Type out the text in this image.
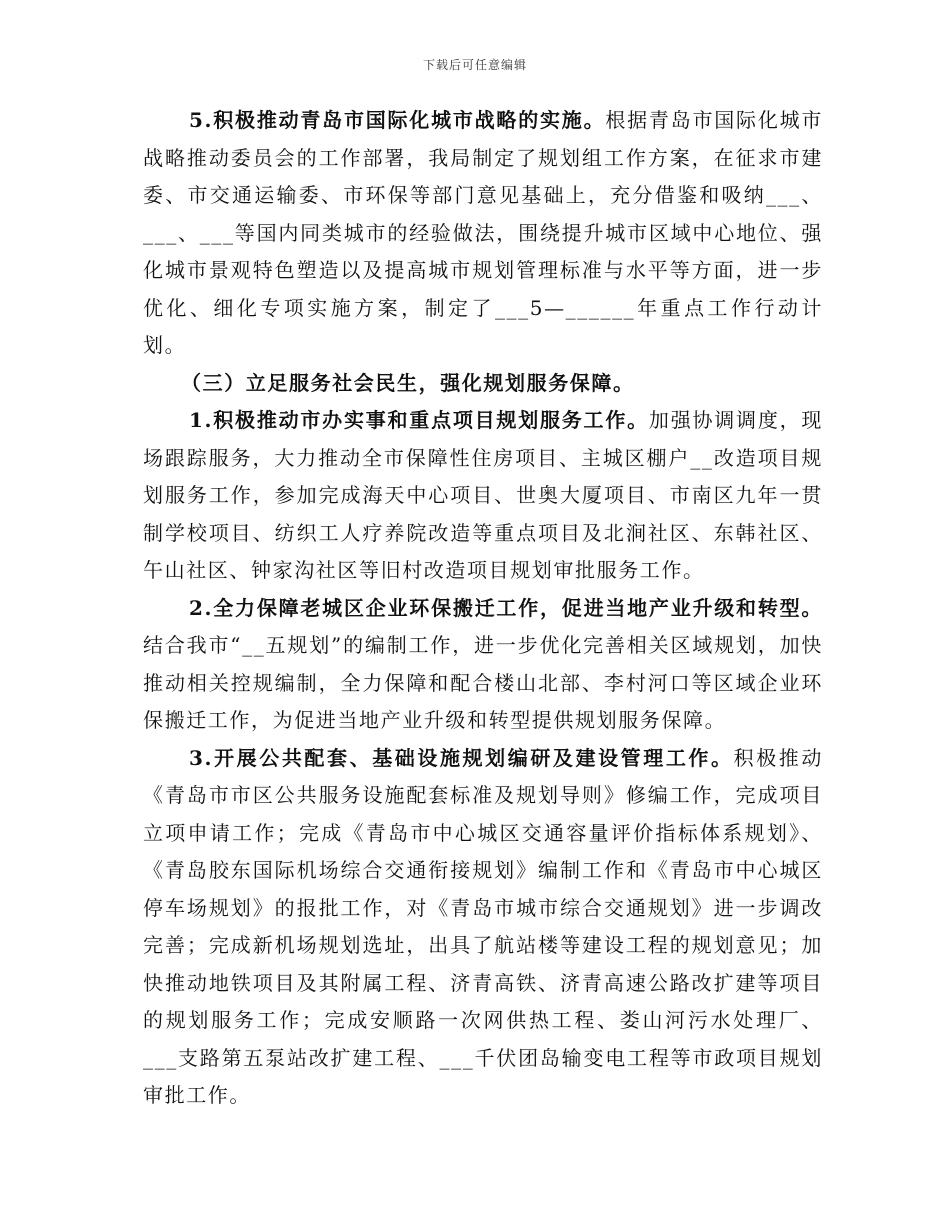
下载后可任意编辑

5.积极推动青岛市国际化城市战略的实施。根据青岛市国际化城市战略推动委员会的工作部署，我局制定了规划组工作方案，在征求市建委、市交通运输委、市环保等部门意见基础上，充分借鉴和吸纳___、___、___等国内同类城市的经验做法，围绕提升城市区域中心地位、强化城市景观特色塑造以及提高城市规划管理标准与水平等方面，进一步优化、细化专项实施方案，制定了___5—______年重点工作行动计划。

（三）立足服务社会民生，强化规划服务保障。

1.积极推动市办实事和重点项目规划服务工作。加强协调调度，现场跟踪服务，大力推动全市保障性住房项目、主城区棚户__改造项目规划服务工作，参加完成海天中心项目、世奥大厦项目、市南区九年一贯制学校项目、纺织工人疗养院改造等重点项目及北涧社区、东韩社区、午山社区、钟家沟社区等旧村改造项目规划审批服务工作。

2.全力保障老城区企业环保搬迁工作，促进当地产业升级和转型。结合我市“__五规划”的编制工作，进一步优化完善相关区域规划，加快推动相关控规编制，全力保障和配合楼山北部、李村河口等区域企业环保搬迁工作，为促进当地产业升级和转型提供规划服务保障。

3.开展公共配套、基础设施规划编研及建设管理工作。积极推动《青岛市市区公共服务设施配套标准及规划导则》修编工作，完成项目立项申请工作；完成《青岛市中心城区交通容量评价指标体系规划》、《青岛胶东国际机场综合交通衔接规划》编制工作和《青岛市中心城区停车场规划》的报批工作，对《青岛市城市综合交通规划》进一步调改完善；完成新机场规划选址，出具了航站楼等建设工程的规划意见；加快推动地铁项目及其附属工程、济青高铁、济青高速公路改扩建等项目的规划服务工作；完成安顺路一次网供热工程、娄山河污水处理厂、___支路第五泵站改扩建工程、___千伏团岛输变电工程等市政项目规划审批工作。
